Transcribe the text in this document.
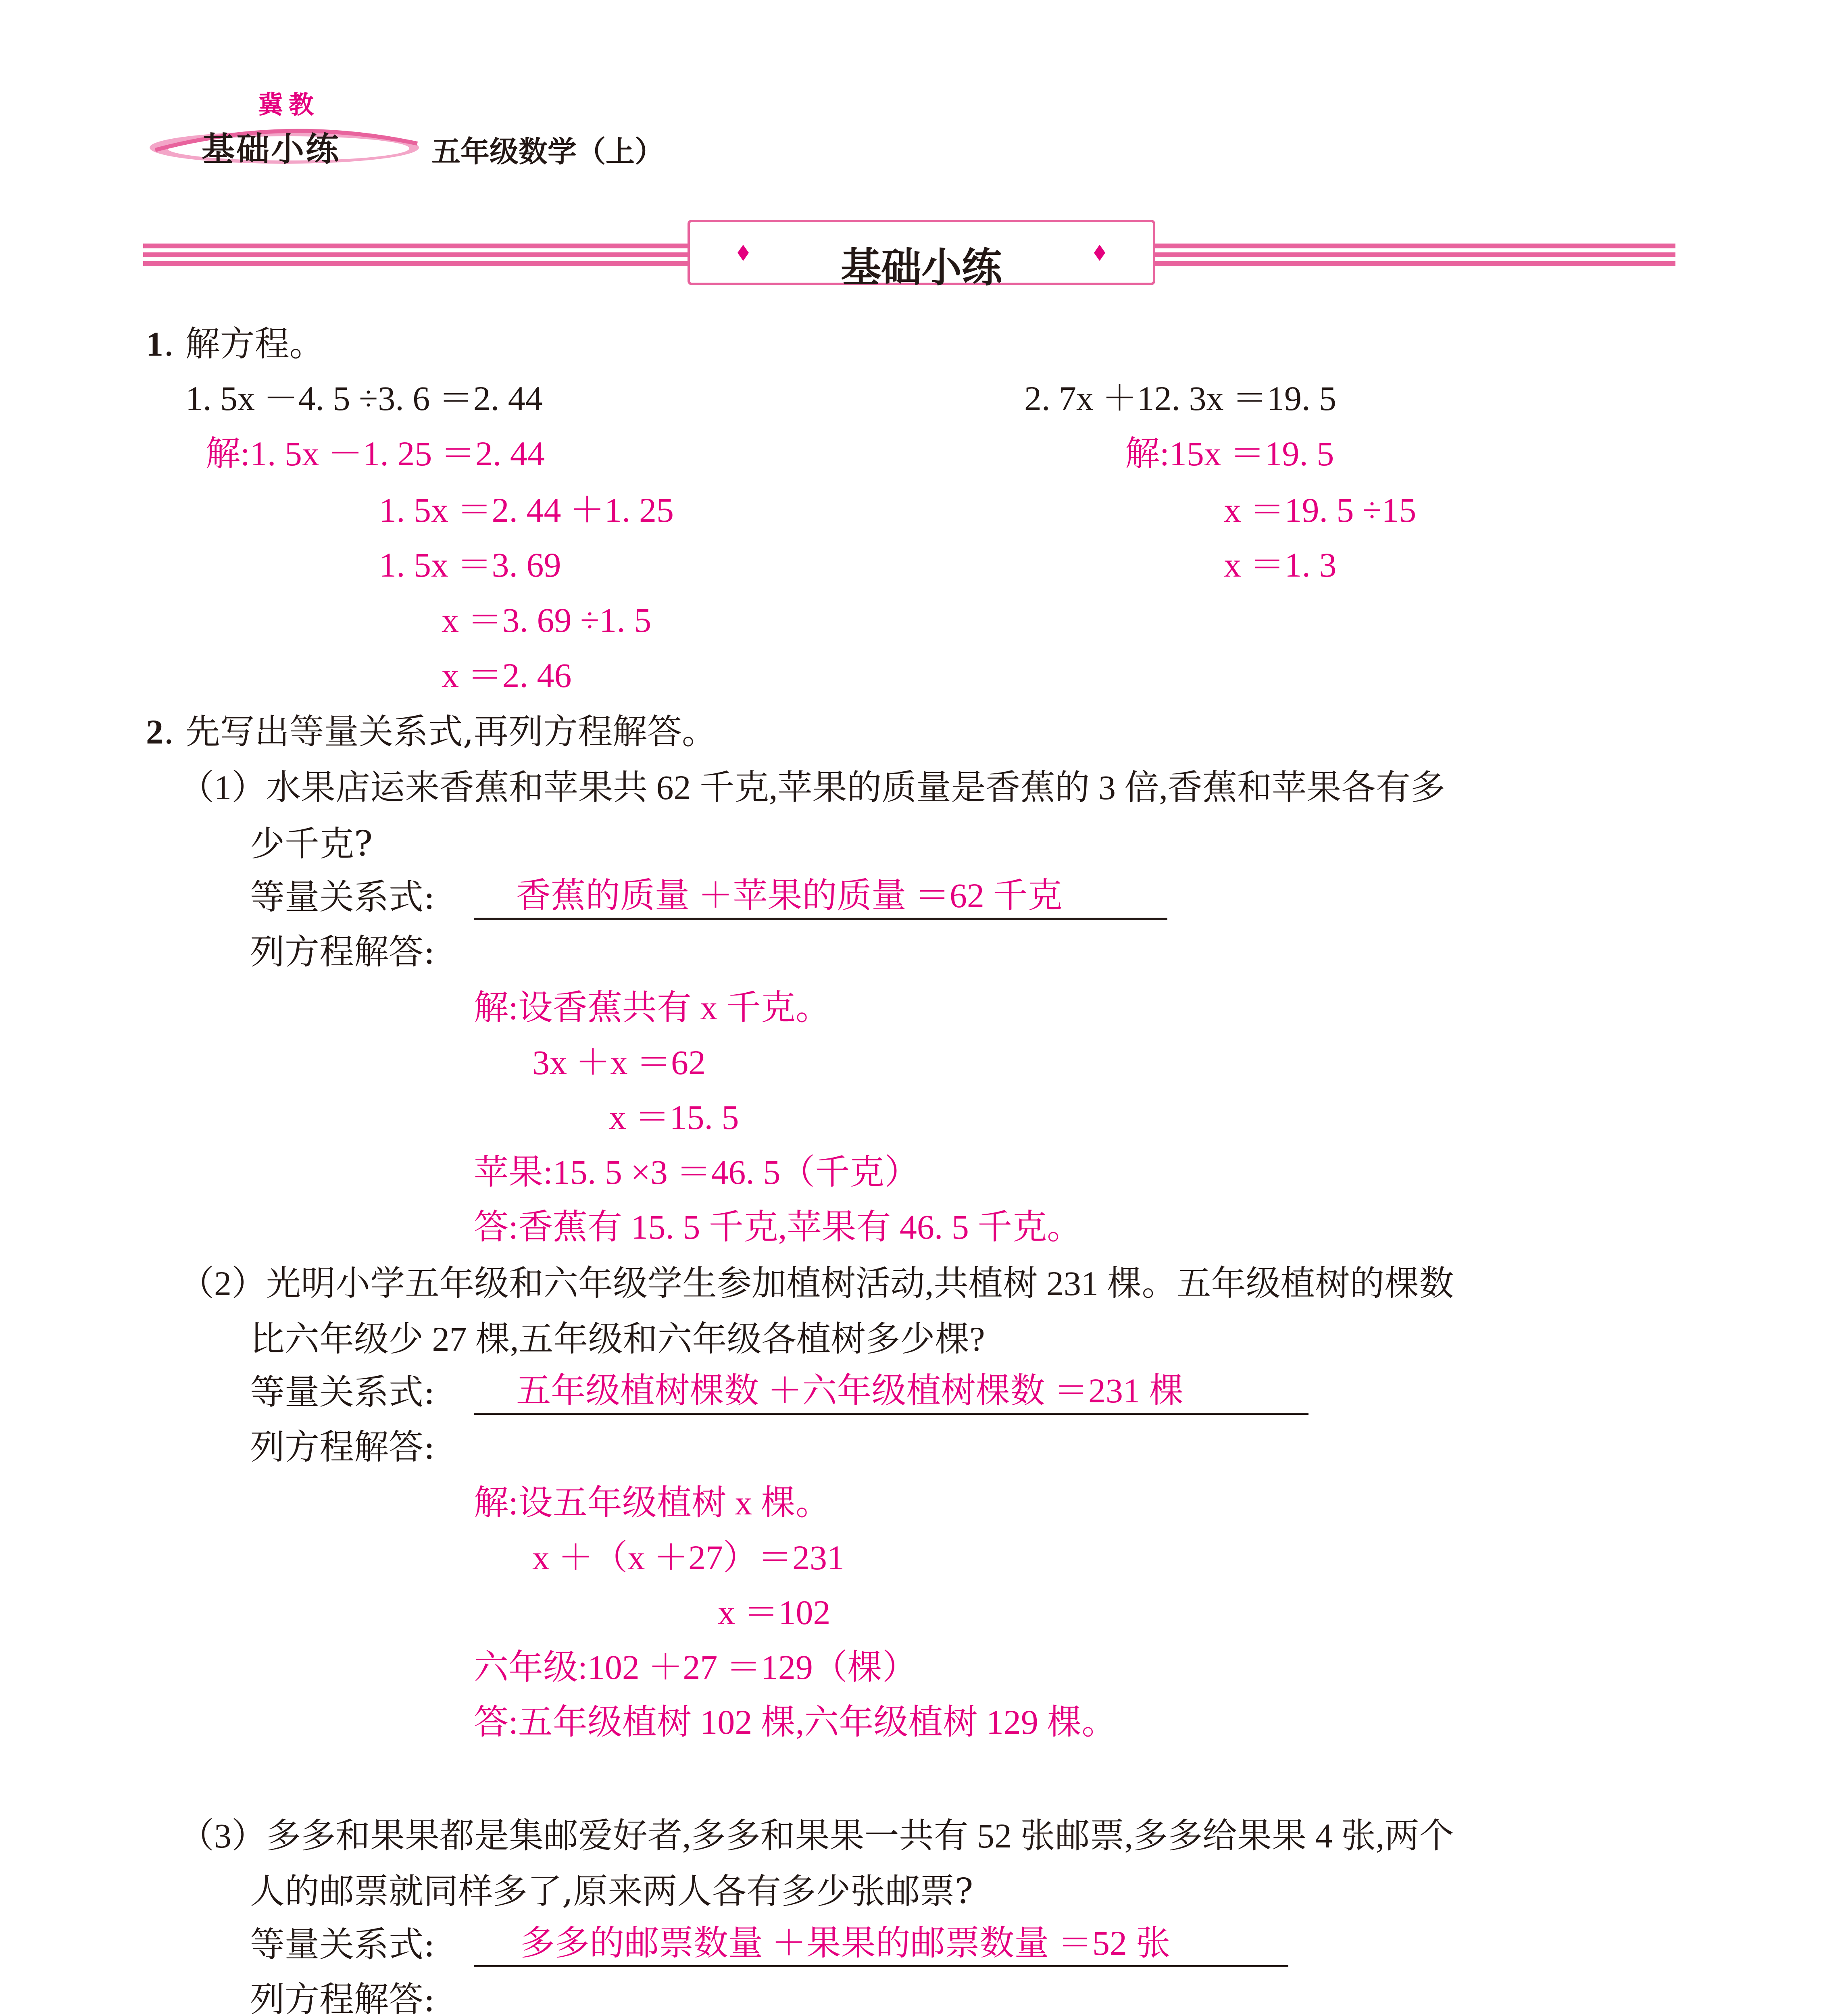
冀教
基础小练	五年级数学（上）
基础小练
1. 解方程。
1. 5x －4. 5 ÷3. 6 ＝2. 44
解:1. 5x －1. 25 ＝2. 44
1. 5x ＝2. 44 ＋1. 25
1. 5x ＝3. 69
x ＝3. 69 ÷1. 5
x ＝2. 46
2. 7x ＋12. 3x ＝19. 5
解:15x ＝19. 5
x ＝19. 5 ÷15
x ＝1. 3
2. 先写出等量关系式,再列方程解答。
（1）水果店运来香蕉和苹果共 62 千克,苹果的质量是香蕉的 3 倍,香蕉和苹果各有多
少千克?
等量关系式: 香蕉的质量 ＋苹果的质量 ＝62 千克
列方程解答:
解:设香蕉共有 x 千克。
3x ＋x ＝62
x ＝15. 5
苹果:15. 5 ×3 ＝46. 5（千克）
答:香蕉有 15. 5 千克,苹果有 46. 5 千克。
（2）光明小学五年级和六年级学生参加植树活动,共植树 231 棵。五年级植树的棵数
比六年级少 27 棵,五年级和六年级各植树多少棵?
等量关系式: 五年级植树棵数 ＋六年级植树棵数 ＝231 棵
列方程解答:
解:设五年级植树 x 棵。
x ＋（x ＋27）＝231
x ＝102
六年级:102 ＋27 ＝129（棵）
答:五年级植树 102 棵,六年级植树 129 棵。
（3）多多和果果都是集邮爱好者,多多和果果一共有 52 张邮票,多多给果果 4 张,两个
人的邮票就同样多了,原来两人各有多少张邮票?
等量关系式: 多多的邮票数量 ＋果果的邮票数量 ＝52 张
列方程解答:
